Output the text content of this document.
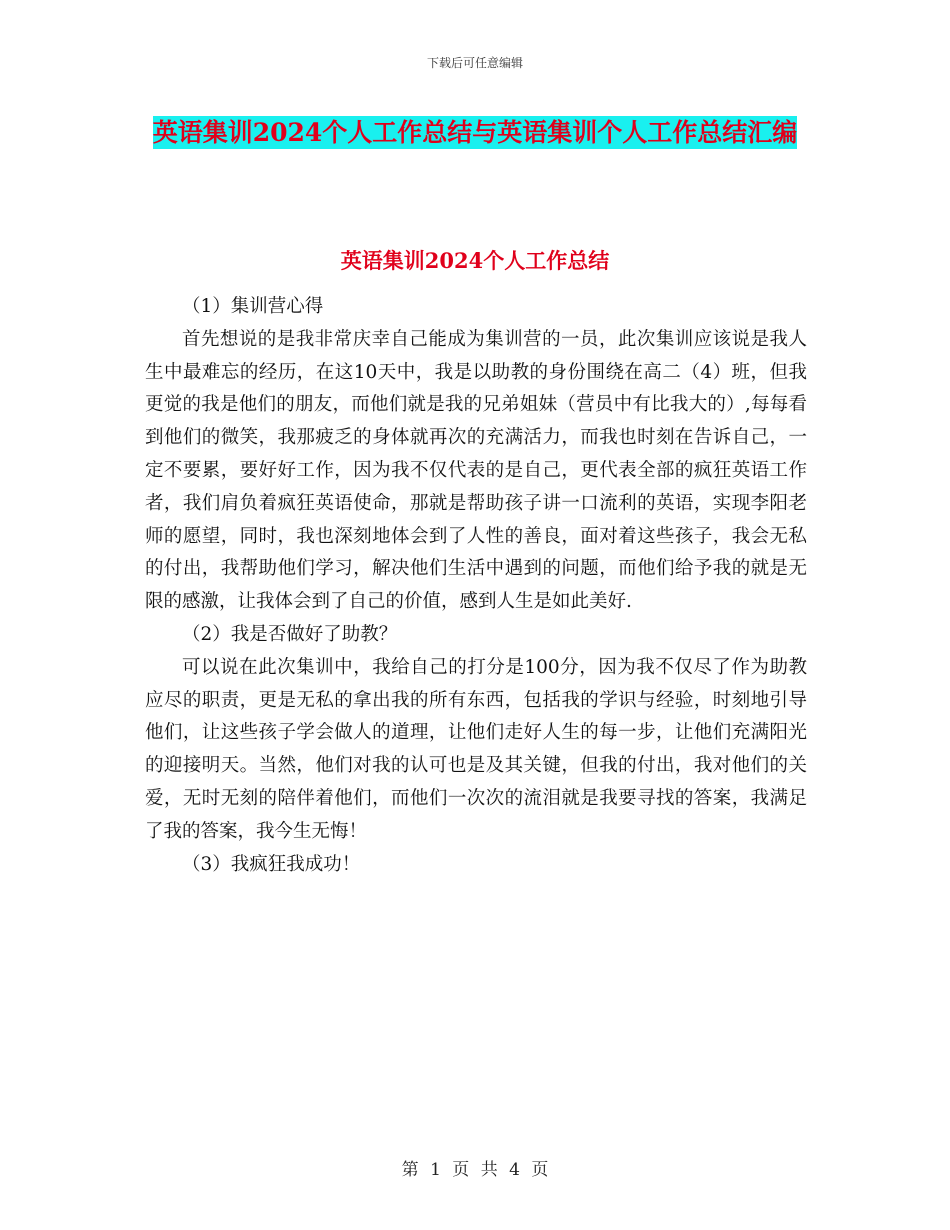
下载后可任意编辑
英语集训2024个人工作总结与英语集训个人工作总结汇编
英语集训2024个人工作总结

（1）集训营心得

首先想说的是我非常庆幸自己能成为集训营的一员，此次集训应该说是我人生中最难忘的经历，在这10天中，我是以助教的身份围绕在高二（4）班，但我更觉的我是他们的朋友，而他们就是我的兄弟姐妹（营员中有比我大的）,每每看到他们的微笑，我那疲乏的身体就再次的充满活力，而我也时刻在告诉自己，一定不要累，要好好工作，因为我不仅代表的是自己，更代表全部的疯狂英语工作者，我们肩负着疯狂英语使命，那就是帮助孩子讲一口流利的英语，实现李阳老师的愿望，同时，我也深刻地体会到了人性的善良，面对着这些孩子，我会无私的付出，我帮助他们学习，解决他们生活中遇到的问题，而他们给予我的就是无限的感激，让我体会到了自己的价值，感到人生是如此美好.

（2）我是否做好了助教？

可以说在此次集训中，我给自己的打分是100分，因为我不仅尽了作为助教应尽的职责，更是无私的拿出我的所有东西，包括我的学识与经验，时刻地引导他们，让这些孩子学会做人的道理，让他们走好人生的每一步，让他们充满阳光的迎接明天。当然，他们对我的认可也是及其关键，但我的付出，我对他们的关爱，无时无刻的陪伴着他们，而他们一次次的流泪就是我要寻找的答案，我满足了我的答案，我今生无悔！

（3）我疯狂我成功！

第 1 页 共 4 页
